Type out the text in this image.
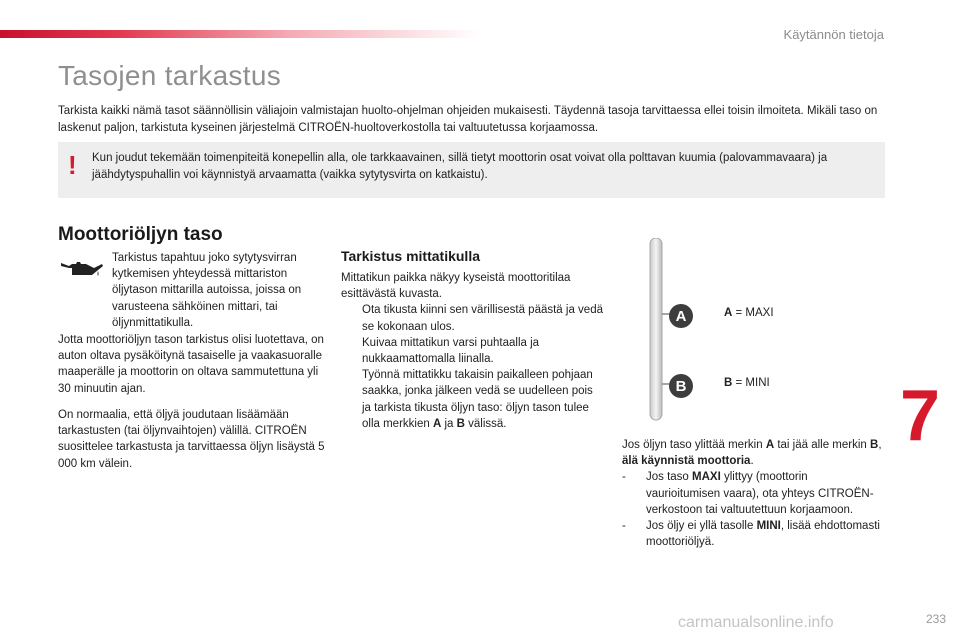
Käytännön tietoja
Tasojen tarkastus
Tarkista kaikki nämä tasot säännöllisin väliajoin valmistajan huolto-ohjelman ohjeiden mukaisesti. Täydennä tasoja tarvittaessa ellei toisin ilmoiteta. Mikäli taso on laskenut paljon, tarkistuta kyseinen järjestelmä CITROËN-huoltoverkostolla tai valtuutetussa korjaamossa.
! Kun joudut tekemään toimenpiteitä konepellin alla, ole tarkkaavainen, sillä tietyt moottorin osat voivat olla polttavan kuumia (palovammavaara) ja jäähdytyspuhallin voi käynnistyä arvaamatta (vaikka sytytysvirta on katkaistu).
Moottoriöljyn taso
Tarkistus tapahtuu joko sytytysvirran kytkemisen yhteydessä mittariston öljytason mittarilla autoissa, joissa on varusteena sähköinen mittari, tai öljynmittatikulla.
Jotta moottoriöljyn tason tarkistus olisi luotettava, on auton oltava pysäköitynä tasaiselle ja vaakasuoralle maaperälle ja moottorin on oltava sammutettuna yli 30 minuutin ajan.
On normaalia, että öljyä joudutaan lisäämään tarkastusten (tai öljynvaihtojen) välillä. CITROËN suosittelee tarkastusta ja tarvittaessa öljyn lisäystä 5 000 km välein.
Tarkistus mittatikulla
Mittatikun paikka näkyy kyseistä moottoritilaa esittävästä kuvasta.
Ota tikusta kiinni sen värillisestä päästä ja vedä se kokonaan ulos.
Kuivaa mittatikun varsi puhtaalla ja nukkaamattomalla liinalla.
Työnnä mittatikku takaisin paikalleen pohjaan saakka, jonka jälkeen vedä se uudelleen pois ja tarkista tikusta öljyn taso: öljyn tason tulee olla merkkien A ja B välissä.
A
B
A = MAXI
B = MINI
Jos öljyn taso ylittää merkin A tai jää alle merkin B, älä käynnistä moottoria.
- Jos taso MAXI ylittyy (moottorin vaurioitumisen vaara), ota yhteys CITROËN-verkostoon tai valtuutettuun korjaamoon.
- Jos öljy ei yllä tasolle MINI, lisää ehdottomasti moottoriöljyä.
7
carmanualsonline.info	233
